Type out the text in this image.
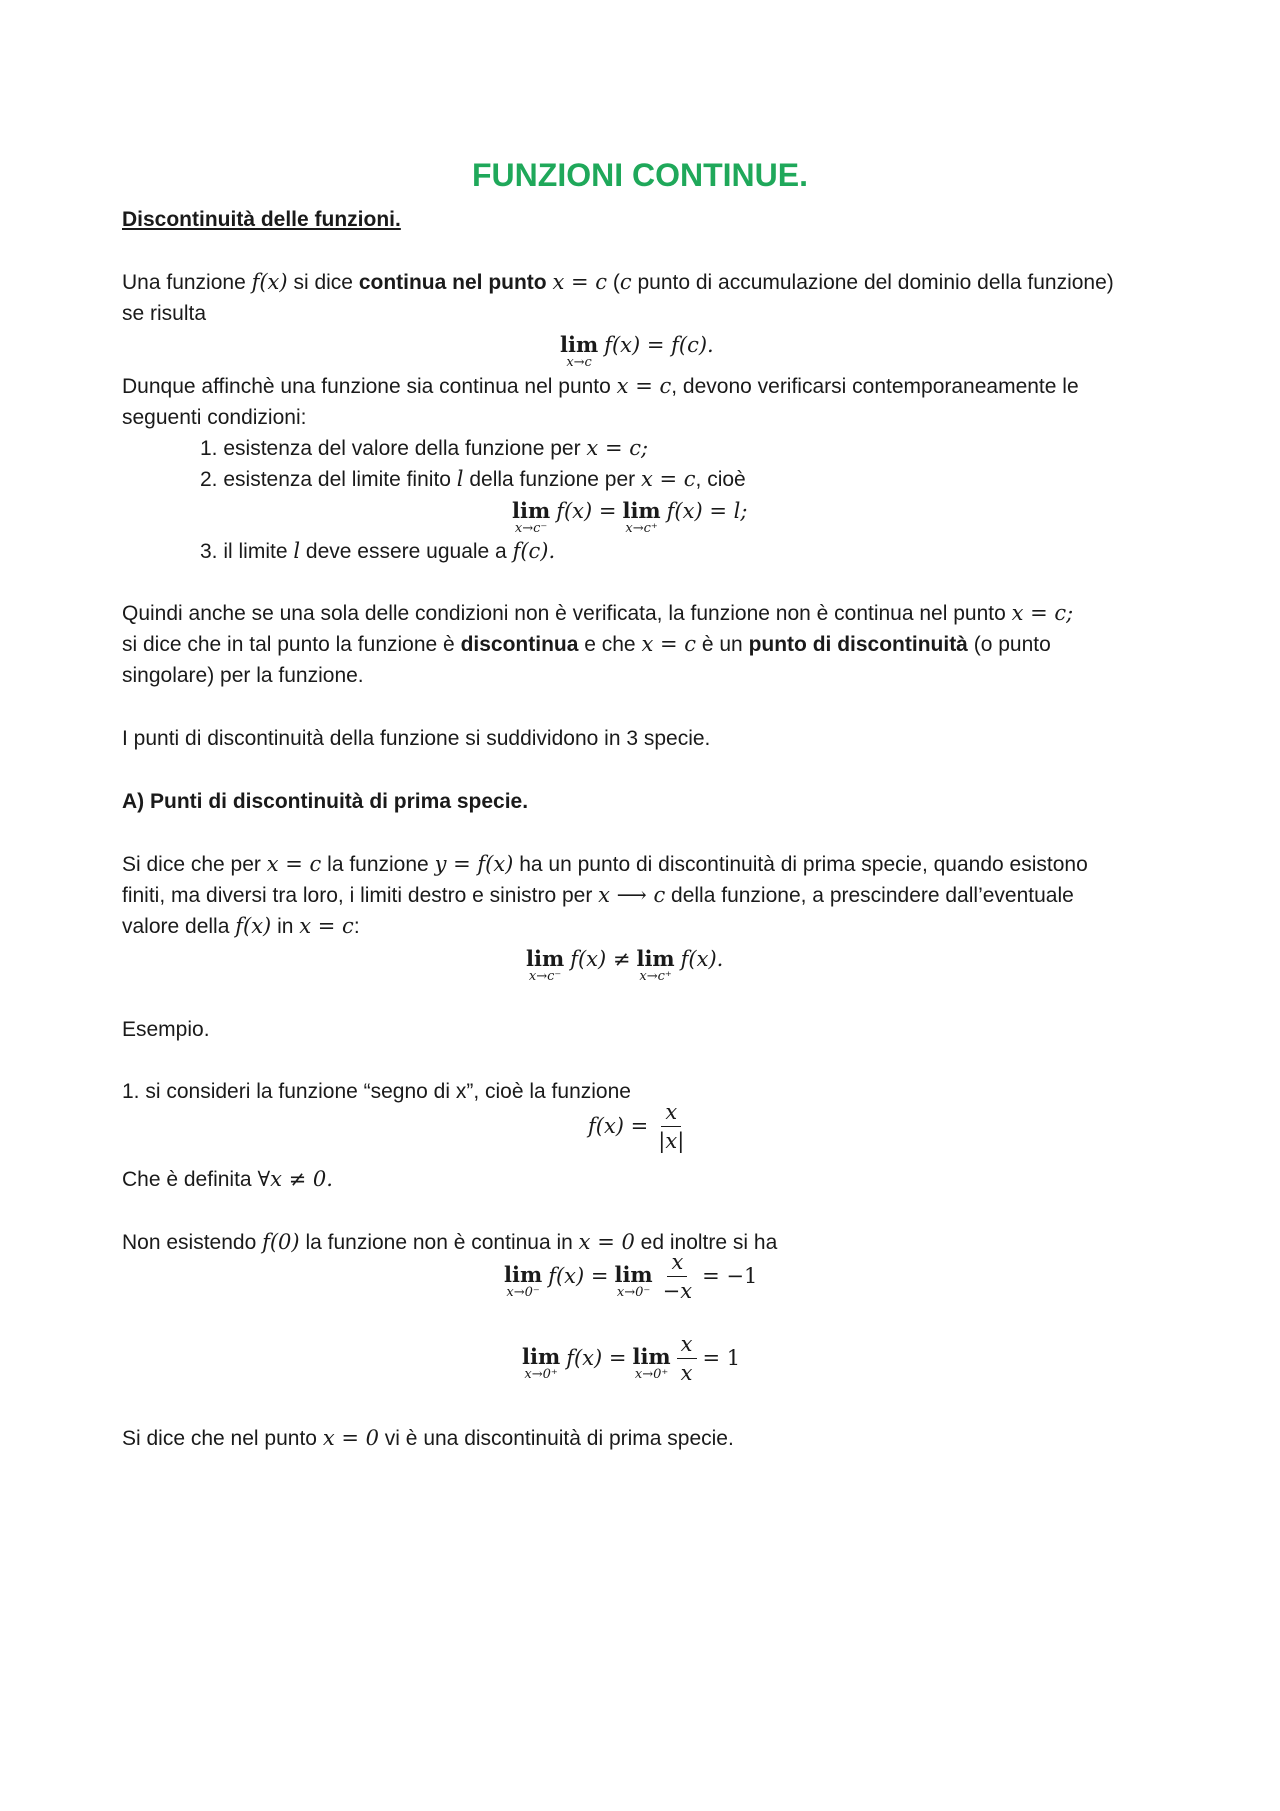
FUNZIONI CONTINUE.
Discontinuità delle funzioni.
Una funzione f(x) si dice continua nel punto x = c (c punto di accumulazione del dominio della funzione)
se risulta
lim
x→c
f(x) = f(c).
Dunque affinchè una funzione sia continua nel punto x = c, devono verificarsi contemporaneamente le
seguenti condizioni:
1. esistenza del valore della funzione per x = c;
2. esistenza del limite finito l della funzione per x = c, cioè
lim
x→c⁻
f(x) = lim
x→c⁺
f(x) = l;
3. il limite l deve essere uguale a f(c).
Quindi anche se una sola delle condizioni non è verificata, la funzione non è continua nel punto x = c;
si dice che in tal punto la funzione è discontinua e che x = c è un punto di discontinuità (o punto
singolare) per la funzione.
I punti di discontinuità della funzione si suddividono in 3 specie.
A) Punti di discontinuità di prima specie.
Si dice che per x = c la funzione y = f(x) ha un punto di discontinuità di prima specie, quando esistono
finiti, ma diversi tra loro, i limiti destro e sinistro per x ⟶ c della funzione, a prescindere dall’eventuale
valore della f(x) in x = c:
lim
x→c⁻
f(x) ≠ lim
x→c⁺
f(x).
Esempio.
1. si consideri la funzione “segno di x”, cioè la funzione
$f(x) = \frac{x}{|x|}$
Che è definita ∀x ≠ 0.
Non esistendo f(0) la funzione non è continua in x = 0 ed inoltre si ha
lim
x→0⁻
f(x) = lim
$x\to 0^- \frac{x}{-x} = -1$
lim
x→0⁺
f(x) = lim
$x\to 0^+ \frac{x}{x} = 1$
Si dice che nel punto x = 0 vi è una discontinuità di prima specie.
